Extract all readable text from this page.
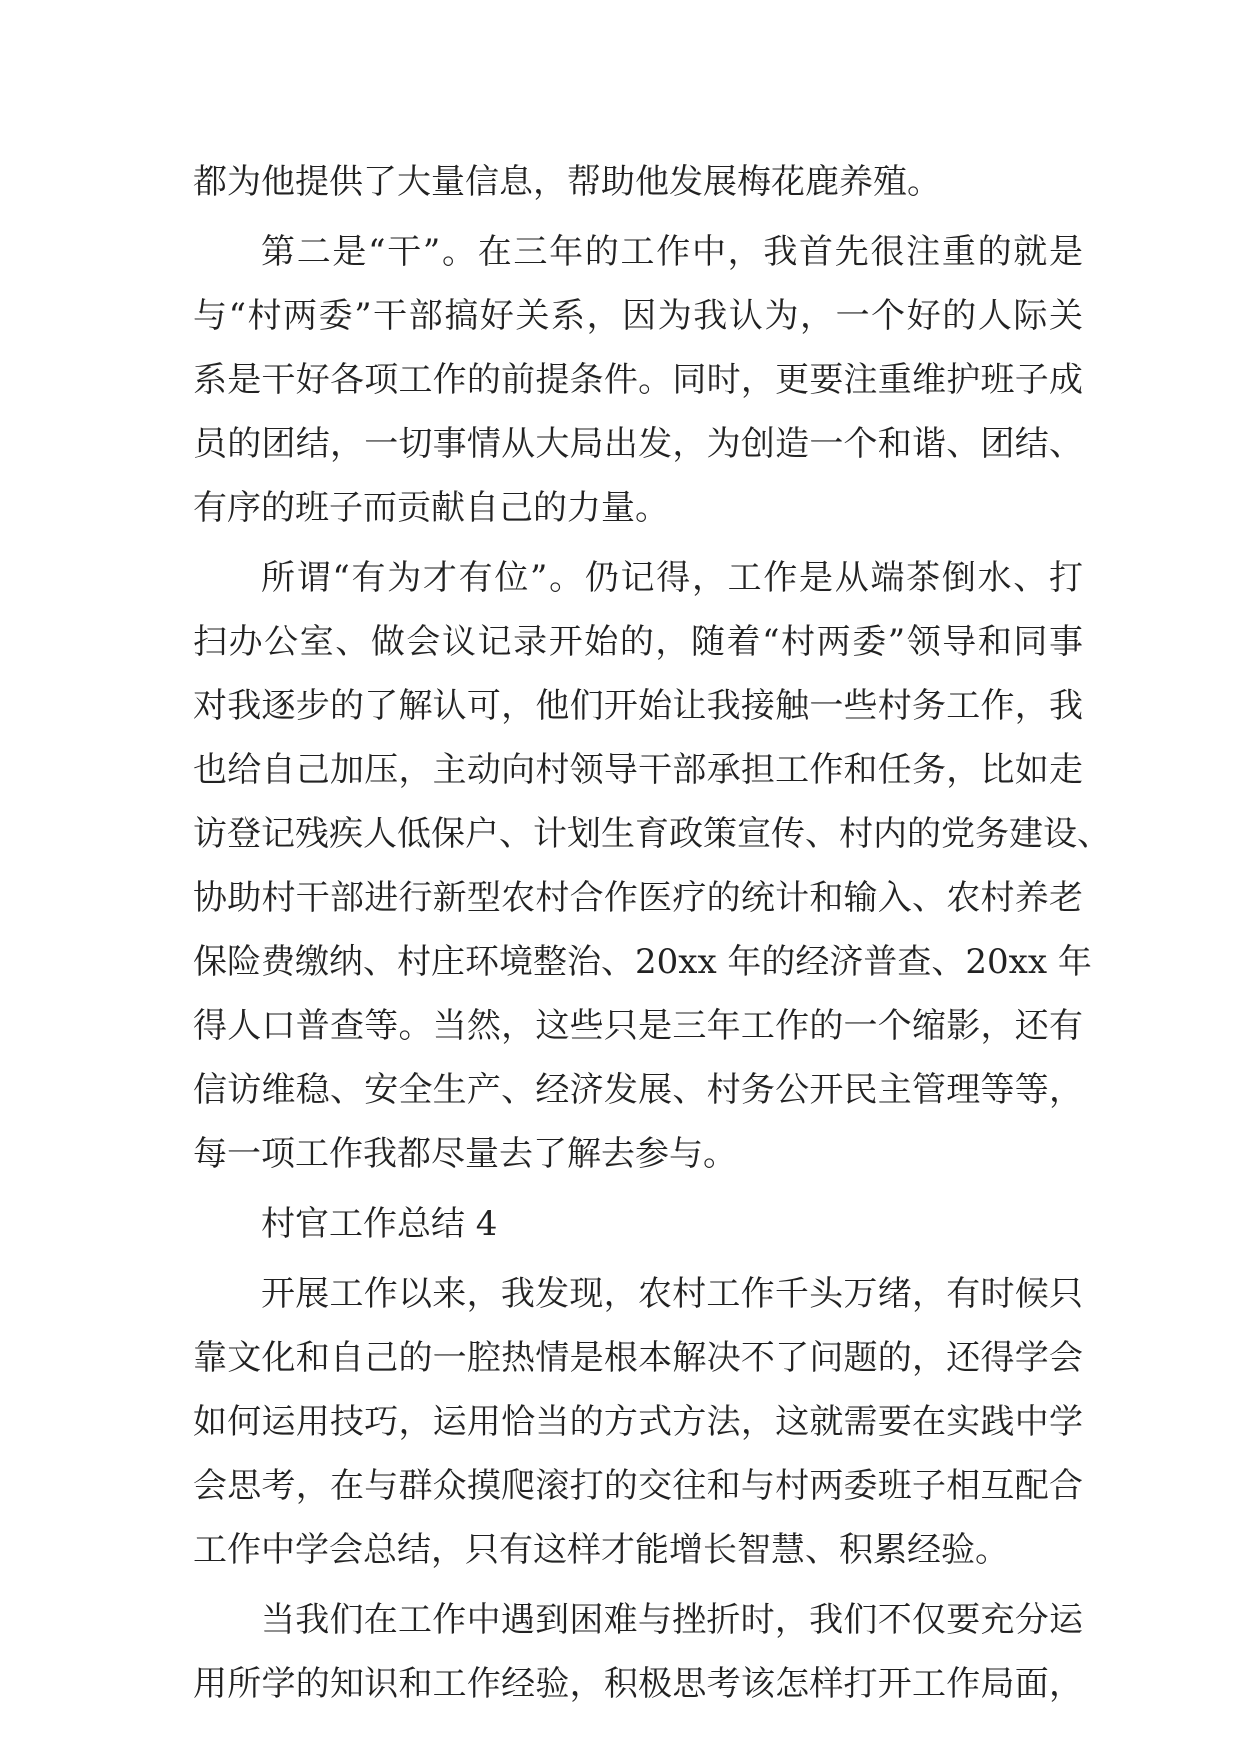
都为他提供了大量信息，帮助他发展梅花鹿养殖。
第二是“干”。在三年的工作中，我首先很注重的就是
与“村两委”干部搞好关系，因为我认为，一个好的人际关
系是干好各项工作的前提条件。同时，更要注重维护班子成
员的团结，一切事情从大局出发，为创造一个和谐、团结、
有序的班子而贡献自己的力量。
所谓“有为才有位”。仍记得，工作是从端茶倒水、打
扫办公室、做会议记录开始的，随着“村两委”领导和同事
对我逐步的了解认可，他们开始让我接触一些村务工作，我
也给自己加压，主动向村领导干部承担工作和任务，比如走
访登记残疾人低保户、计划生育政策宣传、村内的党务建设、
协助村干部进行新型农村合作医疗的统计和输入、农村养老
保险费缴纳、村庄环境整治、20xx 年的经济普查、20xx 年
得人口普查等。当然，这些只是三年工作的一个缩影，还有
信访维稳、安全生产、经济发展、村务公开民主管理等等，
每一项工作我都尽量去了解去参与。
村官工作总结 4
开展工作以来，我发现，农村工作千头万绪，有时候只
靠文化和自己的一腔热情是根本解决不了问题的，还得学会
如何运用技巧，运用恰当的方式方法，这就需要在实践中学
会思考，在与群众摸爬滚打的交往和与村两委班子相互配合
工作中学会总结，只有这样才能增长智慧、积累经验。
当我们在工作中遇到困难与挫折时，我们不仅要充分运
用所学的知识和工作经验，积极思考该怎样打开工作局面，
